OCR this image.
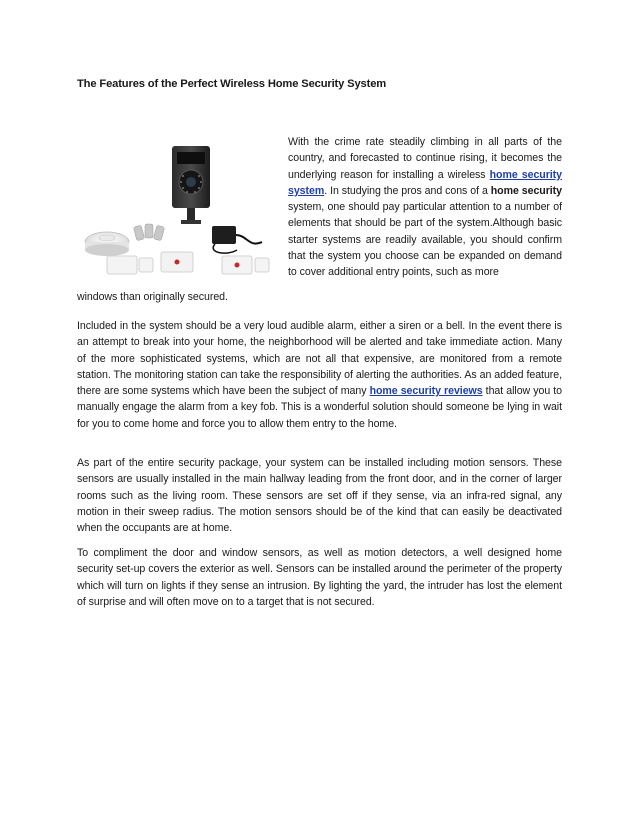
The Features of the Perfect Wireless Home Security System
With the crime rate steadily climbing in all parts of the country, and forecasted to continue rising, it becomes the underlying reason for installing a wireless home security system. In studying the pros and cons of a home security system, one should pay particular attention to a number of elements that should be part of the system.Although basic starter systems are readily available, you should confirm that the system you choose can be expanded on demand to cover additional entry points, such as more
windows than originally secured.
Included in the system should be a very loud audible alarm, either a siren or a bell. In the event there is an attempt to break into your home, the neighborhood will be alerted and take immediate action. Many of the more sophisticated systems, which are not all that expensive, are monitored from a remote station. The monitoring station can take the responsibility of alerting the authorities. As an added feature, there are some systems which have been the subject of many home security reviews that allow you to manually engage the alarm from a key fob. This is a wonderful solution should someone be lying in wait for you to come home and force you to allow them entry to the home.
As part of the entire security package, your system can be installed including motion sensors. These sensors are usually installed in the main hallway leading from the front door, and in the corner of larger rooms such as the living room. These sensors are set off if they sense, via an infra-red signal, any motion in their sweep radius. The motion sensors should be of the kind that can easily be deactivated when the occupants are at home.
To compliment the door and window sensors, as well as motion detectors, a well designed home security set-up covers the exterior as well. Sensors can be installed around the perimeter of the property which will turn on lights if they sense an intrusion. By lighting the yard, the intruder has lost the element of surprise and will often move on to a target that is not secured.
